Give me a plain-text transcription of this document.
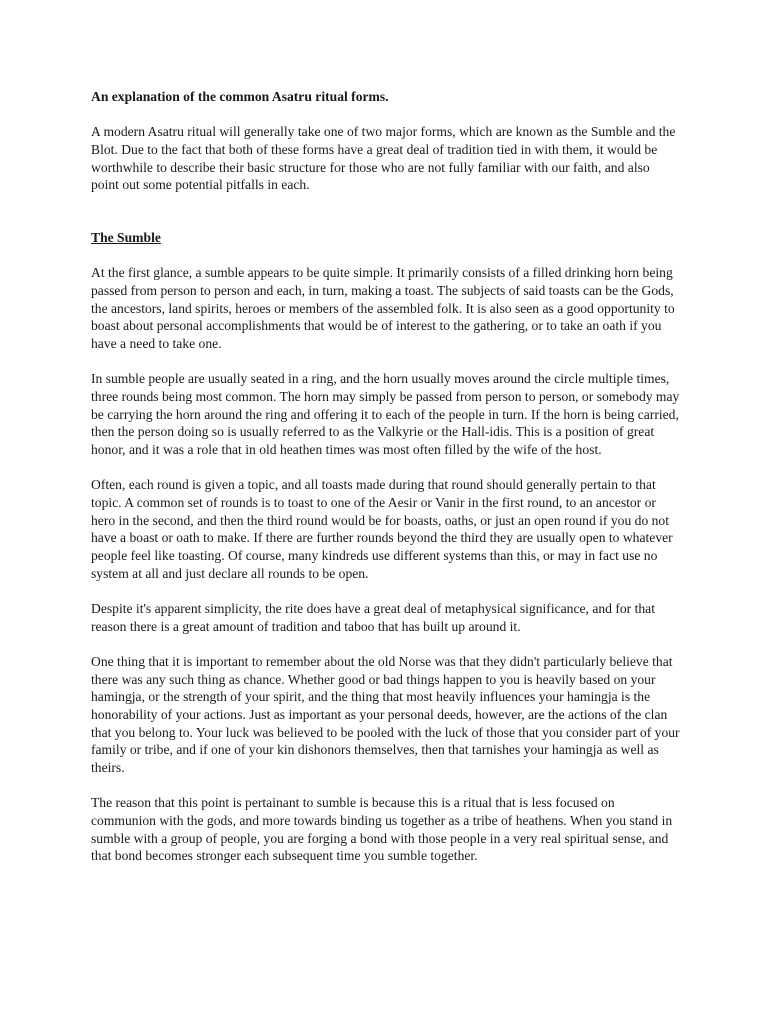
An explanation of the common Asatru ritual forms.
A modern Asatru ritual will generally take one of two major forms, which are known as the Sumble and the Blot. Due to the fact that both of these forms have a great deal of tradition tied in with them, it would be worthwhile to describe their basic structure for those who are not fully familiar with our faith, and also point out some potential pitfalls in each.
The Sumble
At the first glance, a sumble appears to be quite simple. It primarily consists of a filled drinking horn being passed from person to person and each, in turn, making a toast. The subjects of said toasts can be the Gods, the ancestors, land spirits, heroes or members of the assembled folk. It is also seen as a good opportunity to boast about personal accomplishments that would be of interest to the gathering, or to take an oath if you have a need to take one.
In sumble people are usually seated in a ring, and the horn usually moves around the circle multiple times, three rounds being most common. The horn may simply be passed from person to person, or somebody may be carrying the horn around the ring and offering it to each of the people in turn. If the horn is being carried, then the person doing so is usually referred to as the Valkyrie or the Hall-idis. This is a position of great honor, and it was a role that in old heathen times was most often filled by the wife of the host.
Often, each round is given a topic, and all toasts made during that round should generally pertain to that topic. A common set of rounds is to toast to one of the Aesir or Vanir in the first round, to an ancestor or hero in the second, and then the third round would be for boasts, oaths, or just an open round if you do not have a boast or oath to make. If there are further rounds beyond the third they are usually open to whatever people feel like toasting. Of course, many kindreds use different systems than this, or may in fact use no system at all and just declare all rounds to be open.
Despite it's apparent simplicity, the rite does have a great deal of metaphysical significance, and for that reason there is a great amount of tradition and taboo that has built up around it.
One thing that it is important to remember about the old Norse was that they didn't particularly believe that there was any such thing as chance. Whether good or bad things happen to you is heavily based on your hamingja, or the strength of your spirit, and the thing that most heavily influences your hamingja is the honorability of your actions. Just as important as your personal deeds, however, are the actions of the clan that you belong to. Your luck was believed to be pooled with the luck of those that you consider part of your family or tribe, and if one of your kin dishonors themselves, then that tarnishes your hamingja as well as theirs.
The reason that this point is pertainant to sumble is because this is a ritual that is less focused on communion with the gods, and more towards binding us together as a tribe of heathens. When you stand in sumble with a group of people, you are forging a bond with those people in a very real spiritual sense, and that bond becomes stronger each subsequent time you sumble together.
